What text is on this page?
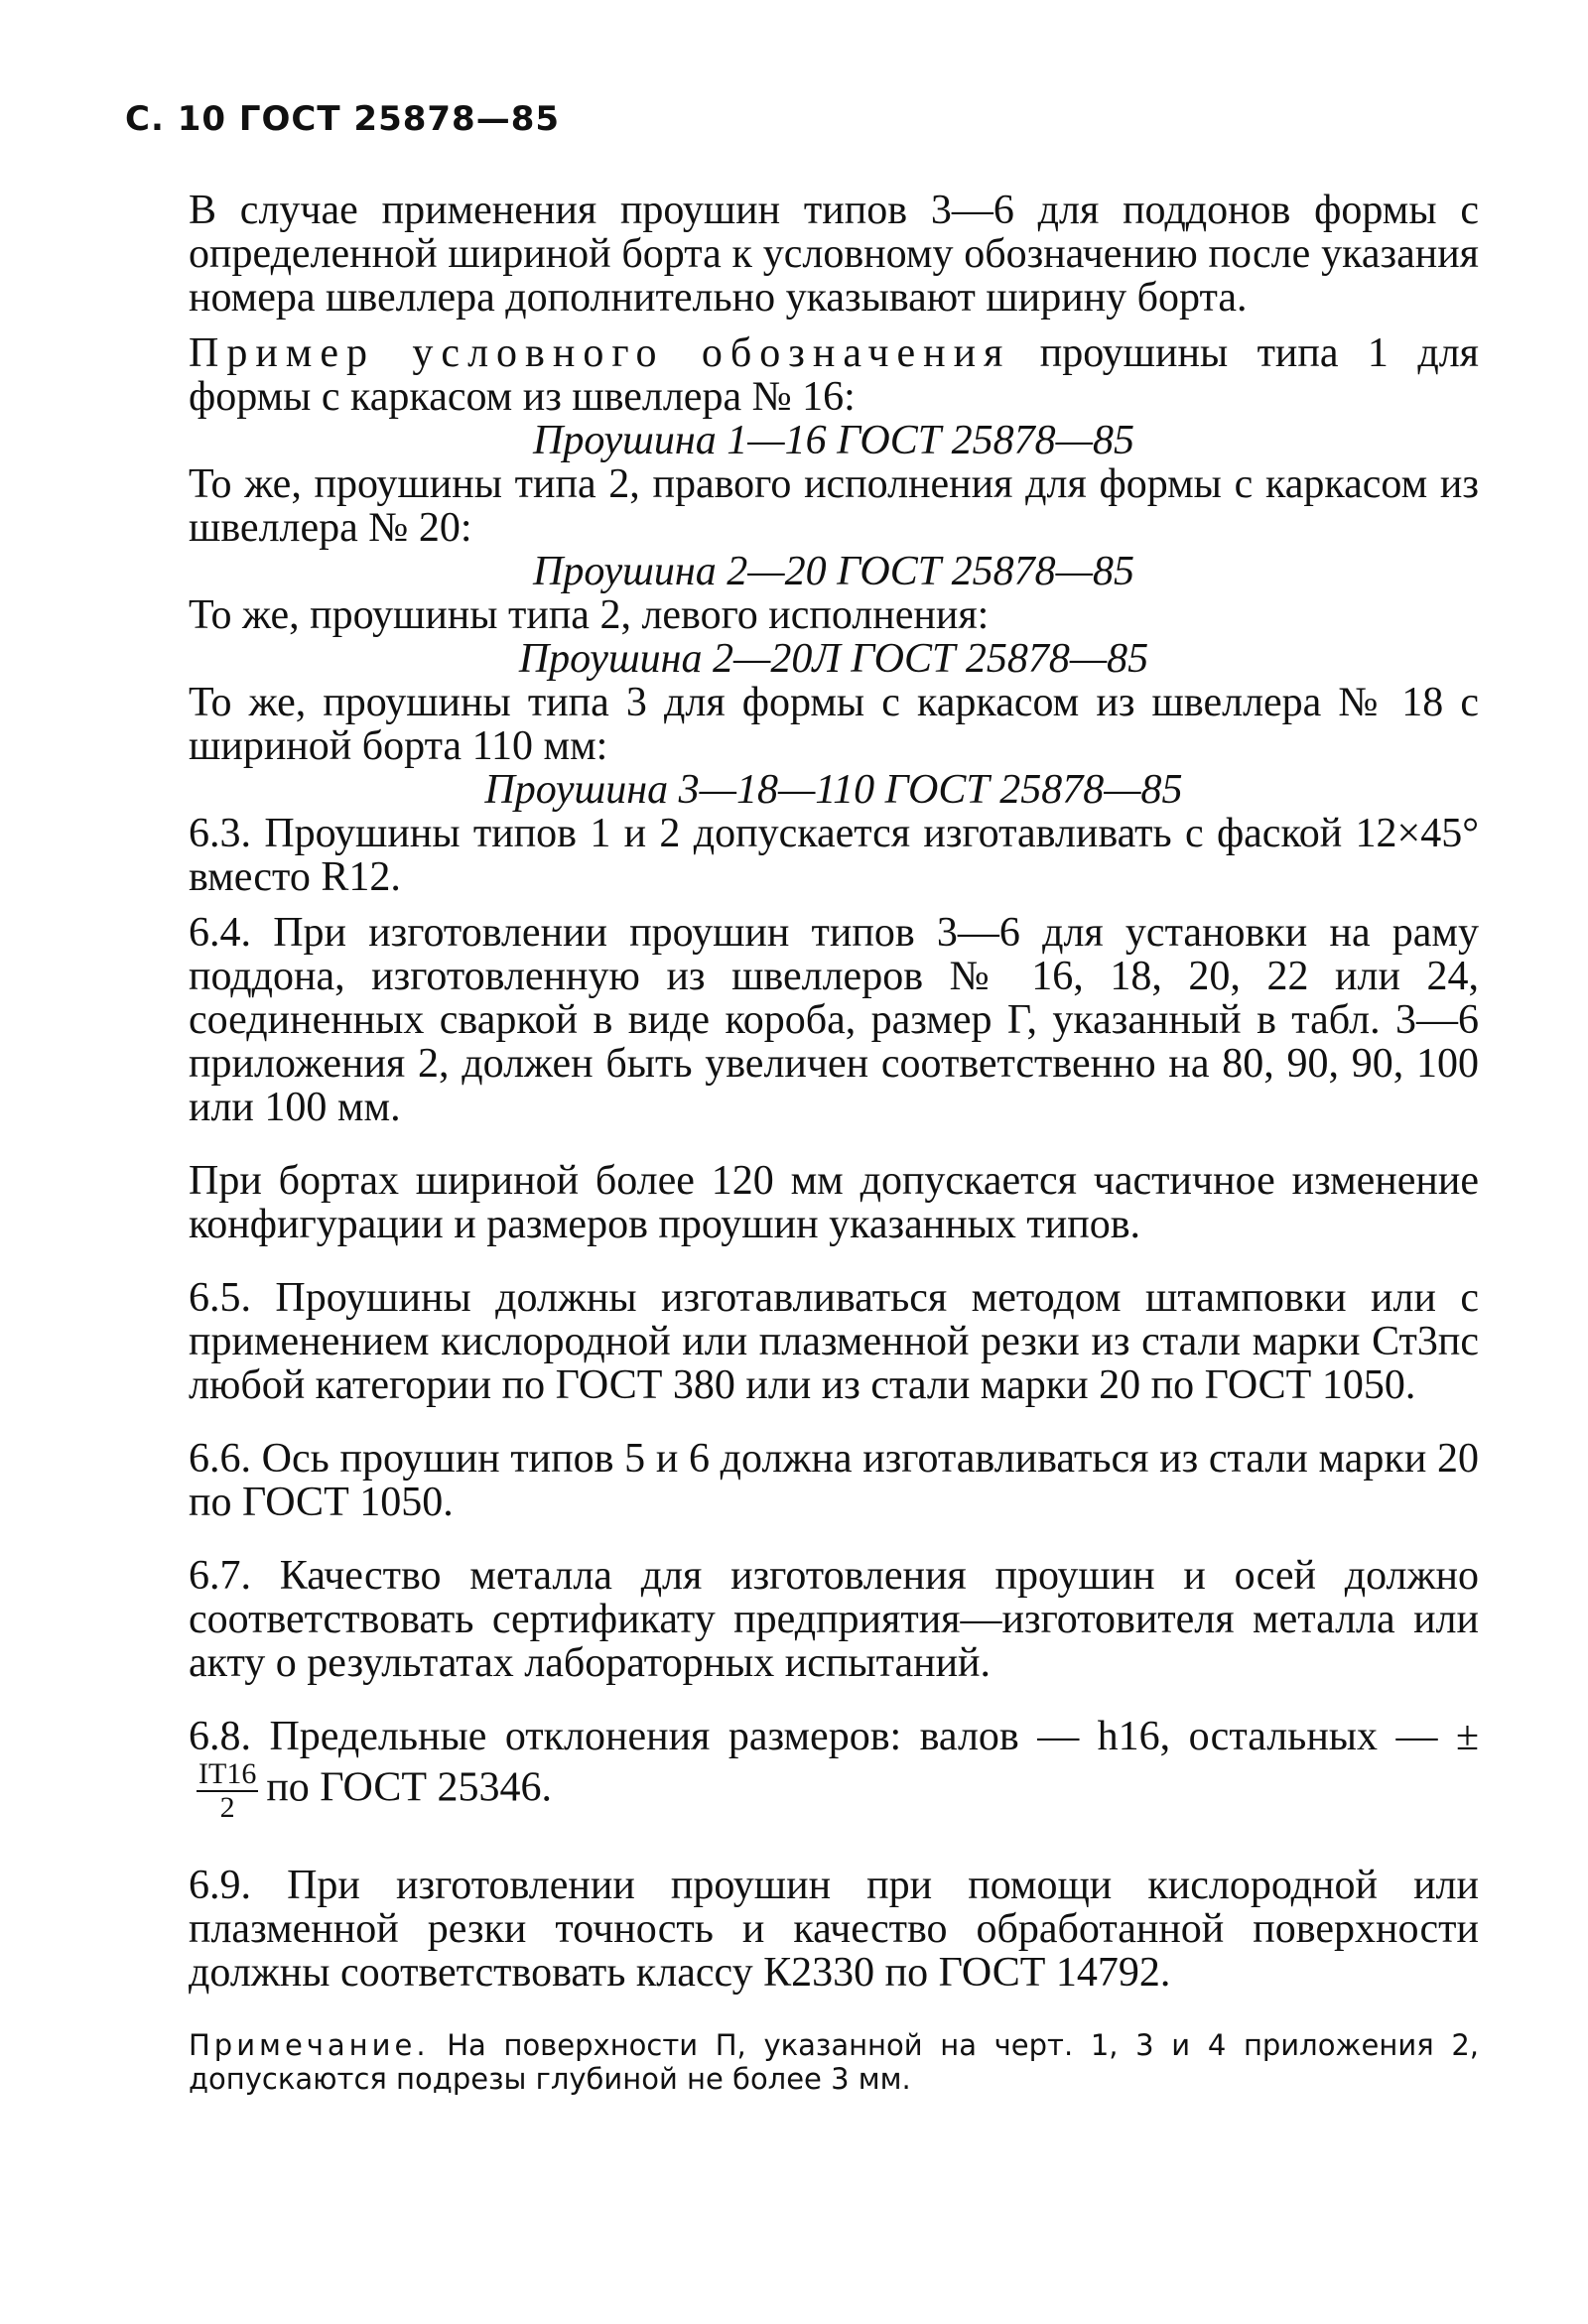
С. 10 ГОСТ 25878—85

В случае применения проушин типов 3—6 для поддонов формы с определенной шириной борта к условному обозначению после указания номера швеллера дополнительно указывают ширину борта.

Пример условного обозначения проушины типа 1 для формы с каркасом из швеллера № 16:

Проушина 1—16 ГОСТ 25878—85

То же, проушины типа 2, правого исполнения для формы с каркасом из швеллера № 20:

Проушина 2—20 ГОСТ 25878—85

То же, проушины типа 2, левого исполнения:

Проушина 2—20Л ГОСТ 25878—85

То же, проушины типа 3 для формы с каркасом из швеллера № 18 с шириной борта 110 мм:

Проушина 3—18—110 ГОСТ 25878—85

6.3. Проушины типов 1 и 2 допускается изготавливать с фаской 12×45° вместо R12.

6.4. При изготовлении проушин типов 3—6 для установки на раму поддона, изготовленную из швеллеров № 16, 18, 20, 22 или 24, соединенных сваркой в виде короба, размер Г, указанный в табл. 3—6 приложения 2, должен быть увеличен соответственно на 80, 90, 90, 100 или 100 мм.

При бортах шириной более 120 мм допускается частичное изменение конфигурации и размеров проушин указанных типов.

6.5. Проушины должны изготавливаться методом штамповки или с применением кислородной или плазменной резки из стали марки Ст3пс любой категории по ГОСТ 380 или из стали марки 20 по ГОСТ 1050.

6.6. Ось проушин типов 5 и 6 должна изготавливаться из стали марки 20 по ГОСТ 1050.

6.7. Качество металла для изготовления проушин и осей должно соответствовать сертификату предприятия—изготовителя металла или акту о результатах лабораторных испытаний.

6.8. Предельные отклонения размеров: валов — h16, остальных — ±
$\frac{IT16}{2}$ по ГОСТ 25346.

6.9. При изготовлении проушин при помощи кислородной или плазменной резки точность и качество обработанной поверхности должны соответствовать классу К2330 по ГОСТ 14792.

Примечание. На поверхности П, указанной на черт. 1, 3 и 4 приложения 2, допускаются подрезы глубиной не более 3 мм.
